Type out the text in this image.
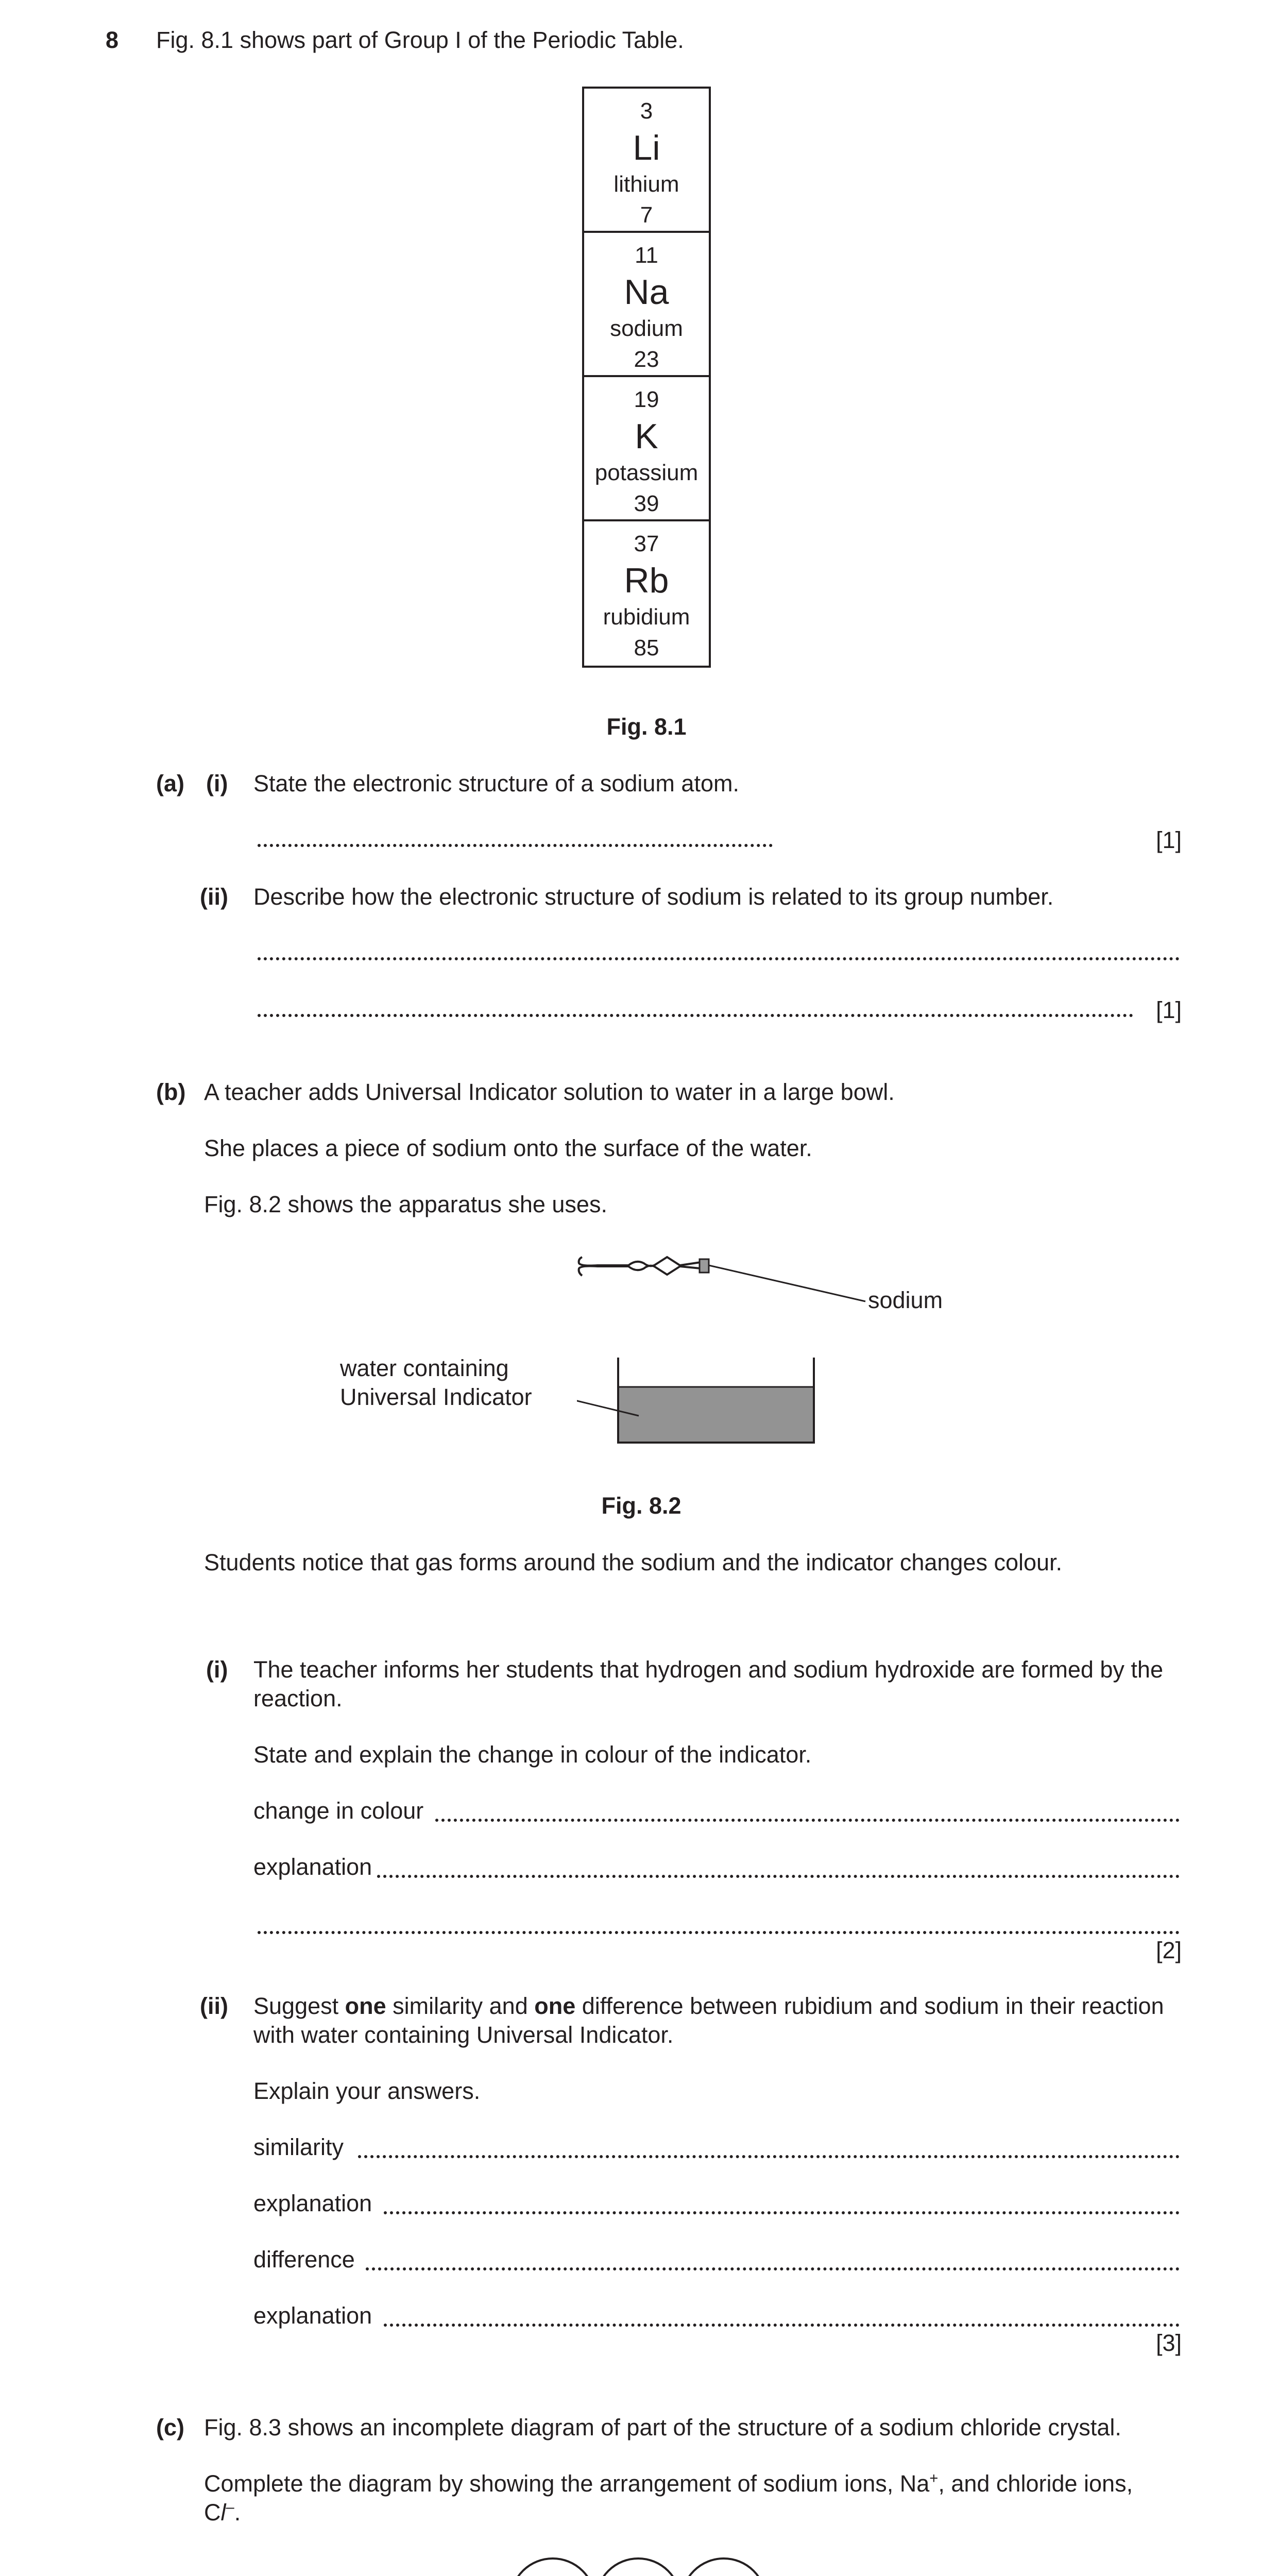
8 Fig. 8.1 shows part of Group I of the Periodic Table.
3
Li
lithium
7
11
Na
sodium
23
19
K
potassium
39
37
Rb
rubidium
85
Fig. 8.1
(a) (i) State the electronic structure of a sodium atom.
[1]
(ii) Describe how the electronic structure of sodium is related to its group number.
[1]
(b) A teacher adds Universal Indicator solution to water in a large bowl.
She places a piece of sodium onto the surface of the water.
Fig. 8.2 shows the apparatus she uses.
sodium
water containing
Universal Indicator
Fig. 8.2
Students notice that gas forms around the sodium and the indicator changes colour.
(i) The teacher informs her students that hydrogen and sodium hydroxide are formed by the
reaction.
State and explain the change in colour of the indicator.
change in colour
explanation
[2]
(ii) Suggest one similarity and one difference between rubidium and sodium in their reaction
with water containing Universal Indicator.
Explain your answers.
similarity
explanation
difference
explanation
[3]
(c) Fig. 8.3 shows an incomplete diagram of part of the structure of a sodium chloride crystal.
Complete the diagram by showing the arrangement of sodium ions, Na+, and chloride ions,
Cl–.
